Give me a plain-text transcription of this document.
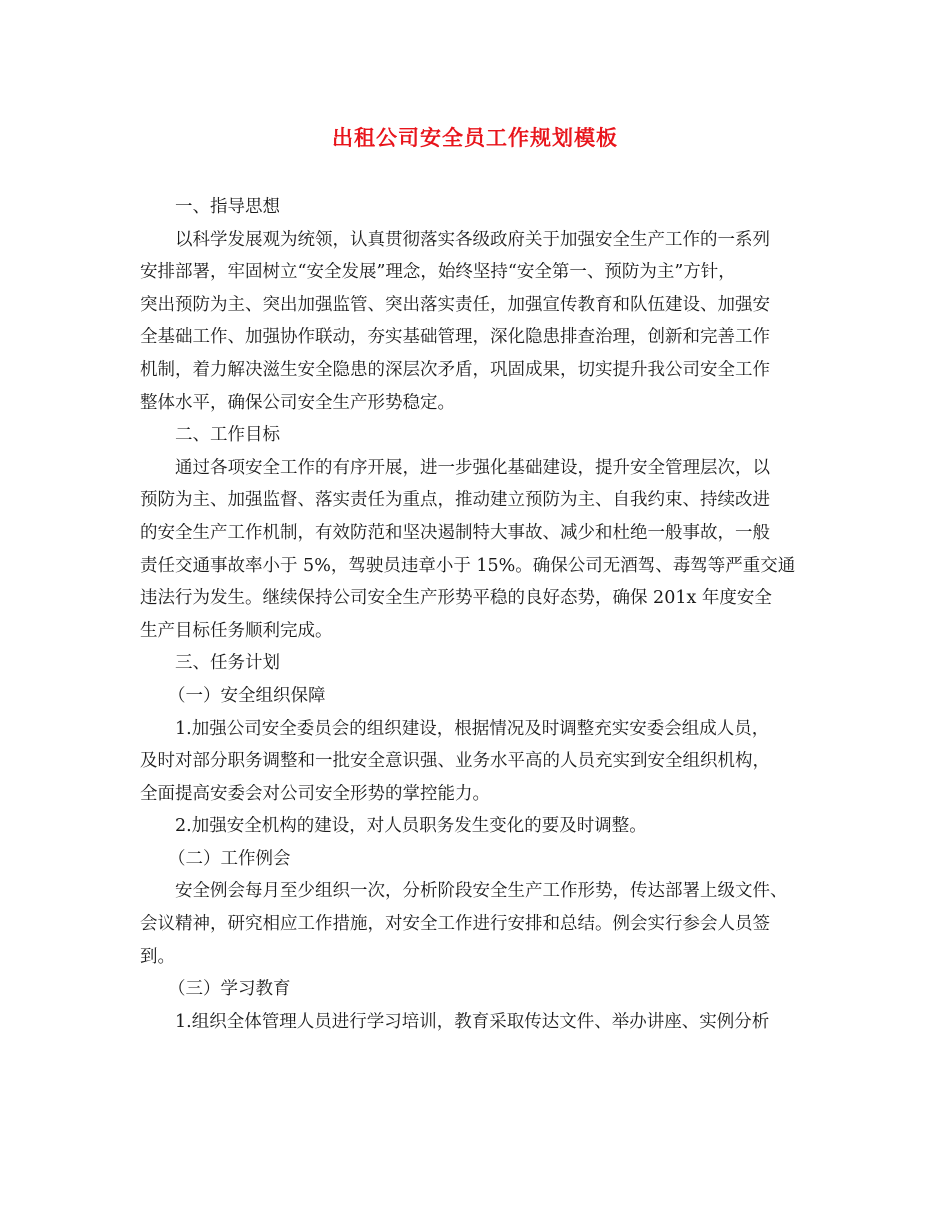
出租公司安全员工作规划模板
一、指导思想
以科学发展观为统领，认真贯彻落实各级政府关于加强安全生产工作的一系列
安排部署，牢固树立“安全发展”理念，始终坚持“安全第一、预防为主”方针，
突出预防为主、突出加强监管、突出落实责任，加强宣传教育和队伍建设、加强安
全基础工作、加强协作联动，夯实基础管理，深化隐患排查治理，创新和完善工作
机制，着力解决滋生安全隐患的深层次矛盾，巩固成果，切实提升我公司安全工作
整体水平，确保公司安全生产形势稳定。
二、工作目标
通过各项安全工作的有序开展，进一步强化基础建设，提升安全管理层次，以
预防为主、加强监督、落实责任为重点，推动建立预防为主、自我约束、持续改进
的安全生产工作机制，有效防范和坚决遏制特大事故、减少和杜绝一般事故，一般
责任交通事故率小于 5%，驾驶员违章小于 15%。确保公司无酒驾、毒驾等严重交通
违法行为发生。继续保持公司安全生产形势平稳的良好态势，确保 201x 年度安全
生产目标任务顺利完成。
三、任务计划
（一）安全组织保障
1.加强公司安全委员会的组织建设，根据情况及时调整充实安委会组成人员，
及时对部分职务调整和一批安全意识强、业务水平高的人员充实到安全组织机构，
全面提高安委会对公司安全形势的掌控能力。
2.加强安全机构的建设，对人员职务发生变化的要及时调整。
（二）工作例会
安全例会每月至少组织一次，分析阶段安全生产工作形势，传达部署上级文件、
会议精神，研究相应工作措施，对安全工作进行安排和总结。例会实行参会人员签
到。
（三）学习教育
1.组织全体管理人员进行学习培训，教育采取传达文件、举办讲座、实例分析
